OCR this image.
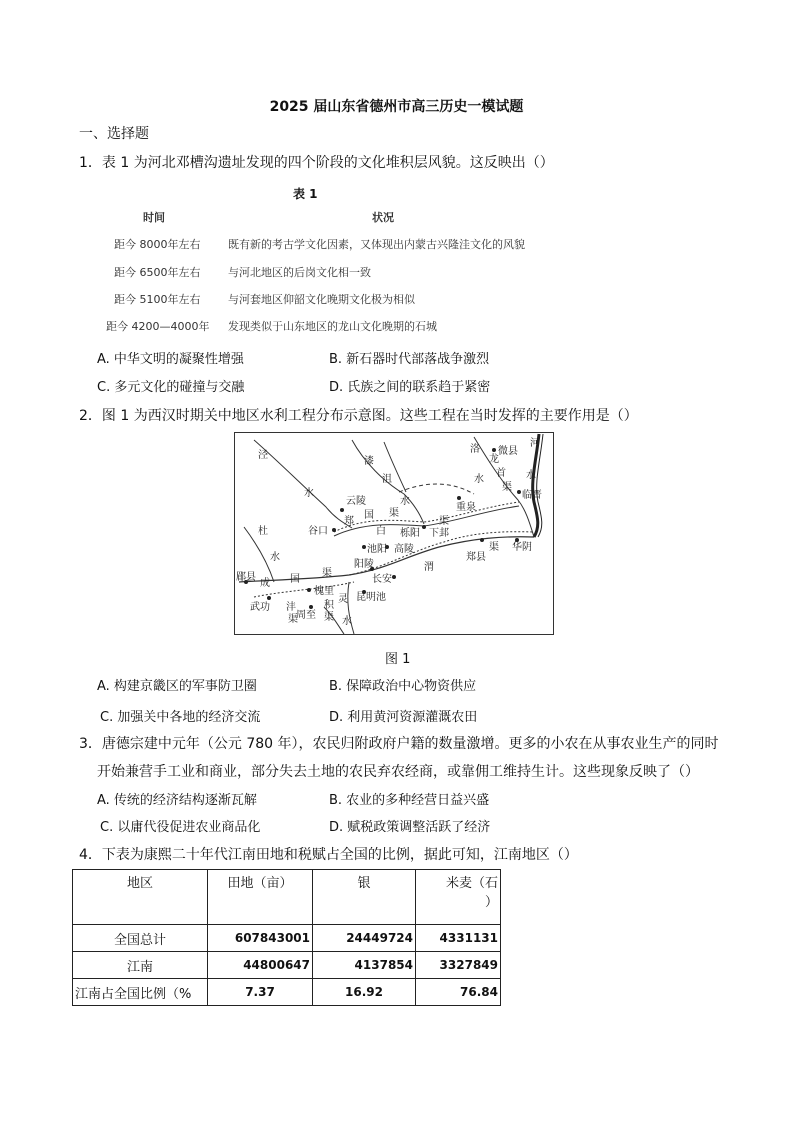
2025 届山东省德州市高三历史一模试题
一、选择题
1．表 1 为河北邓槽沟遗址发现的四个阶段的文化堆积层风貌。这反映出（）
表 1
时间	状况
距今 8000年左右	既有新的考古学文化因素，又体现出内蒙古兴隆洼文化的风貌
距今 6500年左右	与河北地区的后岗文化相一致
距今 5100年左右	与河套地区仰韶文化晚期文化极为相似
距今 4200—4000年 发现类似于山东地区的龙山文化晚期的石城
A. 中华文明的凝聚性增强	B. 新石器时代部落战争激烈
C. 多元文化的碰撞与交融	D. 氏族之间的联系趋于紧密
2．图 1 为西汉时期关中地区水利工程分布示意图。这些工程在当时发挥的主要作用是（）
泾
漆
沮
水
水
洛
龙
首
渠
水
河
水
微县
临晋
重泉
云陵
郑
国 渠
白
渠
谷口	栎阳 下邽
池阳 高陵
阳陵	渭
郑县
渠 华阴
杜
水
郿县
成 国
渠
槐里
长安
武功 沣
渠
周至
积
渠
灵 昆明池
水
图 1
A. 构建京畿区的军事防卫圈	B. 保障政治中心物资供应
C. 加强关中各地的经济交流	D. 利用黄河资源灌溉农田
3．唐德宗建中元年（公元 780 年），农民归附政府户籍的数量激增。更多的小农在从事农业生产的同时
开始兼营手工业和商业，部分失去土地的农民弃农经商，或靠佣工维持生计。这些现象反映了（）
A. 传统的经济结构逐渐瓦解	B. 农业的多种经营日益兴盛
C. 以庸代役促进农业商品化	D. 赋税政策调整活跃了经济
4．下表为康熙二十年代江南田地和税赋占全国的比例，据此可知，江南地区（）
地区	田地（亩）	银	米麦（石
）

全国总计	607843001	24449724	4331131
江南	44800647	4137854	3327849
江南占全国比例（%	7.37	16.92	76.84
